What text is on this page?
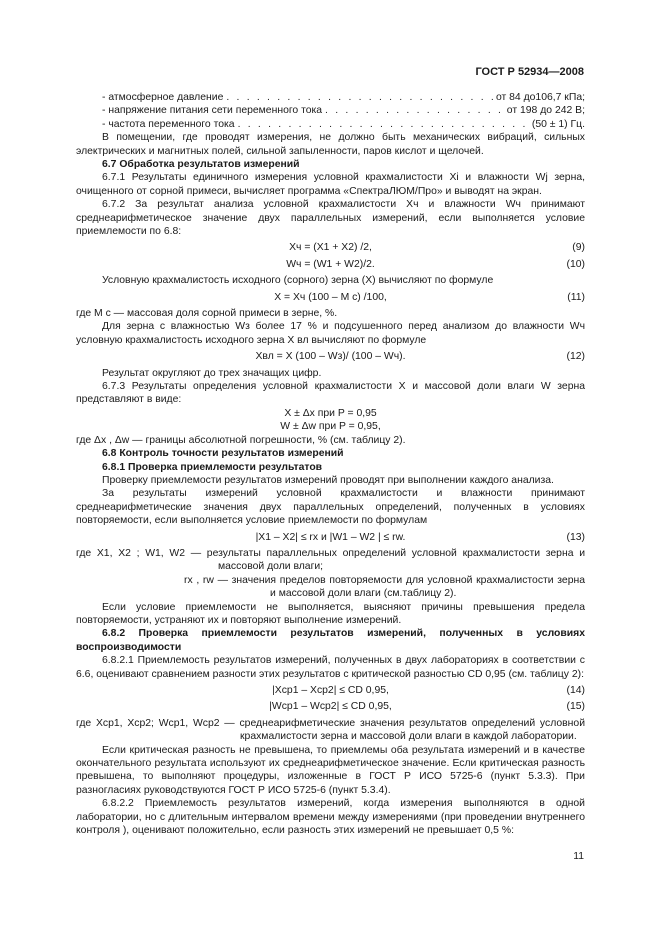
ГОСТ Р 52934—2008
- атмосферное давление . . .	от 84 до106,7 кПа;
- напряжение питания сети переменного тока . . .	от 198 до 242 В;
- частота переменного тока . . .	(50 ± 1) Гц.

В помещении, где проводят измерения, не должно быть механических вибраций, сильных электрических и магнитных полей, сильной запыленности, паров кислот и щелочей.

6.7 Обработка результатов измерений

6.7.1 Результаты единичного измерения условной крахмалистости Xi и влажности Wj зерна, очищенного от сорной примеси, вычисляет программа «СпектраЛЮМ/Про» и выводят на экран.

6.7.2 За результат анализа условной крахмалистости Xч и влажности Wч принимают среднеарифметическое значение двух параллельных измерений, если выполняется условие приемлемости по 6.8:

Xч = (X1 + X2) /2,	(9)
Wч = (W1 + W2)/2.	(10)

Условную крахмалистость исходного (сорного) зерна (X) вычисляют по формуле

X = Xч (100 – M с) /100,	(11)

где M с — массовая доля сорной примеси в зерне, %.

Для зерна с влажностью Wз более 17 % и подсушенного перед анализом до влажности Wч условную крахмалистость исходного зерна X вл вычисляют по формуле

Xвл = X (100 – Wз)/ (100 – Wч).	(12)

Результат округляют до трех значащих цифр.

6.7.3 Результаты определения условной крахмалистости X и массовой доли влаги W зерна представляют в виде:

X ± Δx при P = 0,95

W ± Δw при P = 0,95,

где Δx , Δw — границы абсолютной погрешности, % (см. таблицу 2).

6.8 Контроль точности результатов измерений

6.8.1 Проверка приемлемости результатов

Проверку приемлемости результатов измерений проводят при выполнении каждого анализа.

За результаты измерений условной крахмалистости и влажности принимают среднеарифметические значения двух параллельных определений, полученных в условиях повторяемости, если выполняется условие приемлемости по формулам

|X1 – X2| ≤ rx и |W1 – W2 | ≤ rw.	(13)

где X1, X2 ; W1, W2 — результаты параллельных определений условной крахмалистости зерна и массовой доли влаги;

rx , rw — значения пределов повторяемости для условной крахмалистости зерна и массовой доли влаги (см.таблицу 2).

Если условие приемлемости не выполняется, выясняют причины превышения предела повторяемости, устраняют их и повторяют выполнение измерений.

6.8.2 Проверка приемлемости результатов измерений, полученных в условиях воспроизводимости

6.8.2.1 Приемлемость результатов измерений, полученных в двух лабораториях в соответствии с 6.6, оценивают сравнением разности этих результатов с критической разностью CD 0,95 (см. таблицу 2):

|Xср1 – Xср2| ≤ CD 0,95,	(14)
|Wср1 – Wср2| ≤ CD 0,95,	(15)

где Xср1, Xср2; Wср1, Wср2 — среднеарифметические значения результатов определений условной крахмалистости зерна и массовой доли влаги в каждой лаборатории.

Если критическая разность не превышена, то приемлемы оба результата измерений и в качестве окончательного результата используют их среднеарифметическое значение. Если критическая разность превышена, то выполняют процедуры, изложенные в ГОСТ Р ИСО 5725-6 (пункт 5.3.3). При разногласиях руководствуются ГОСТ Р ИСО 5725-6 (пункт 5.3.4).

6.8.2.2 Приемлемость результатов измерений, когда измерения выполняются в одной лаборатории, но с длительным интервалом времени между измерениями (при проведении внутреннего контроля ), оценивают положительно, если разность этих измерений не превышает 0,5 %:

11
